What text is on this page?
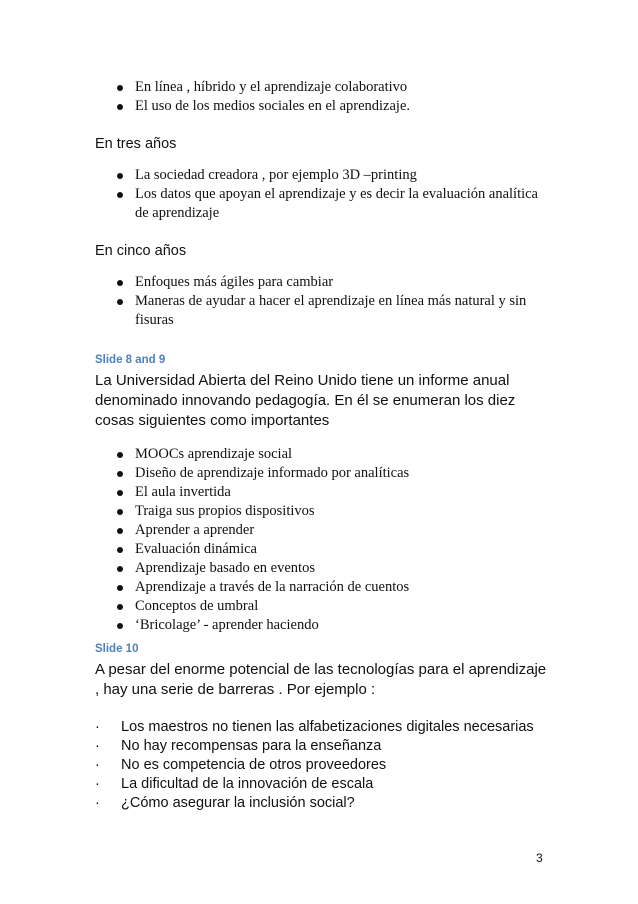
En línea , híbrido y el aprendizaje colaborativo
El uso de los medios sociales en el aprendizaje.
En tres años
La sociedad creadora , por ejemplo 3D –printing
Los datos que apoyan el aprendizaje y es decir la evaluación analítica de aprendizaje
En cinco años
Enfoques más ágiles para cambiar
Maneras de ayudar a hacer el aprendizaje en línea más natural y sin fisuras
Slide 8 and 9
La Universidad Abierta del Reino Unido tiene un informe anual denominado innovando pedagogía. En él se enumeran los diez cosas siguientes como importantes
MOOCs aprendizaje social
Diseño de aprendizaje informado por analíticas
El aula invertida
Traiga sus propios dispositivos
Aprender a aprender
Evaluación dinámica
Aprendizaje basado en eventos
Aprendizaje a través de la narración de cuentos
Conceptos de umbral
‘Bricolage’ - aprender haciendo
Slide 10
A pesar del enorme potencial de las tecnologías para el aprendizaje , hay una serie de barreras . Por ejemplo :
· Los maestros no tienen las alfabetizaciones digitales necesarias
· No hay recompensas para la enseñanza
· No es competencia de otros proveedores
· La dificultad de la innovación de escala
· ¿Cómo asegurar la inclusión social?
3
